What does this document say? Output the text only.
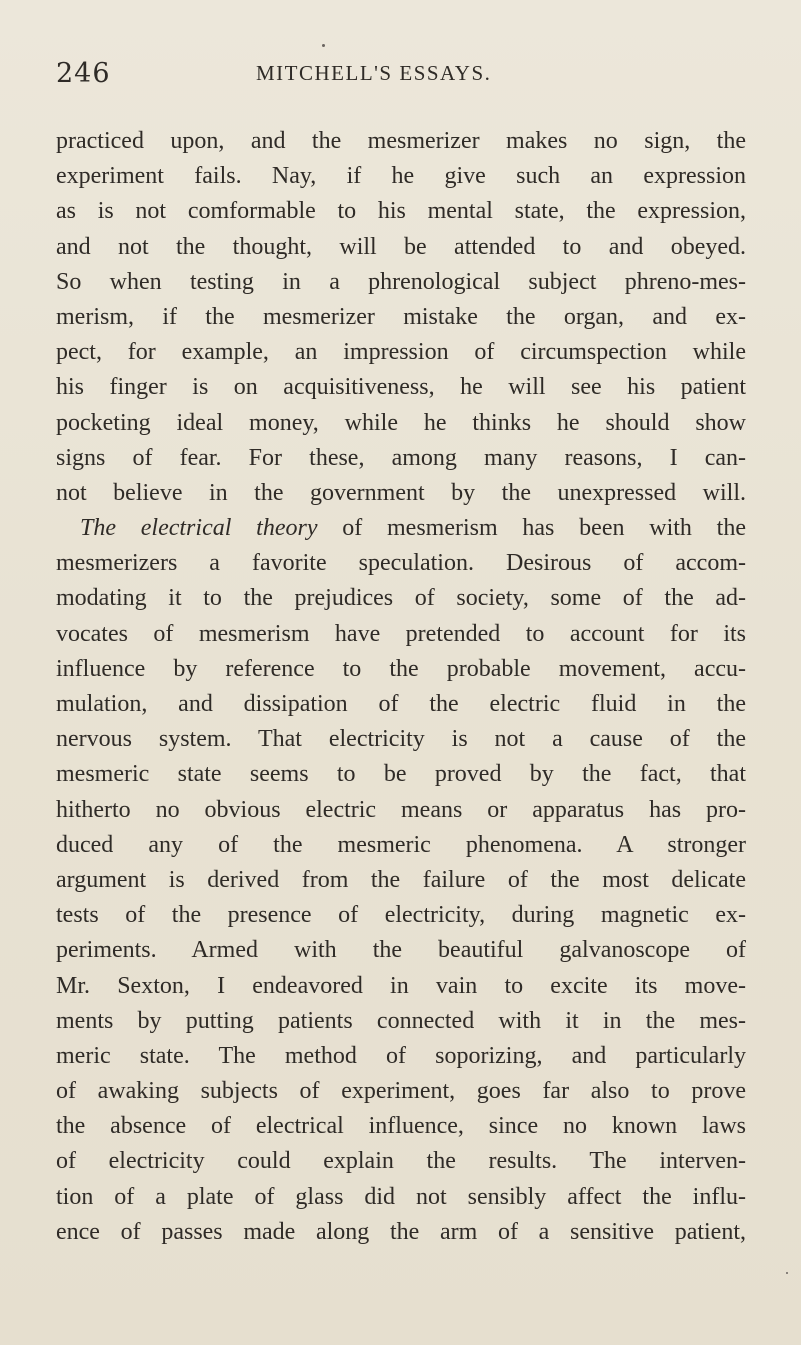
246	MITCHELL'S ESSAYS.
practiced upon, and the mesmerizer makes no sign, the
experiment fails. Nay, if he give such an expression
as is not comformable to his mental state, the expression,
and not the thought, will be attended to and obeyed.
So when testing in a phrenological subject phreno-mes-
merism, if the mesmerizer mistake the organ, and ex-
pect, for example, an impression of circumspection while
his finger is on acquisitiveness, he will see his patient
pocketing ideal money, while he thinks he should show
signs of fear. For these, among many reasons, I can-
not believe in the government by the unexpressed will.
The electrical theory of mesmerism has been with the
mesmerizers a favorite speculation. Desirous of accom-
modating it to the prejudices of society, some of the ad-
vocates of mesmerism have pretended to account for its
influence by reference to the probable movement, accu-
mulation, and dissipation of the electric fluid in the
nervous system. That electricity is not a cause of the
mesmeric state seems to be proved by the fact, that
hitherto no obvious electric means or apparatus has pro-
duced any of the mesmeric phenomena. A stronger
argument is derived from the failure of the most delicate
tests of the presence of electricity, during magnetic ex-
periments. Armed with the beautiful galvanoscope of
Mr. Sexton, I endeavored in vain to excite its move-
ments by putting patients connected with it in the mes-
meric state. The method of soporizing, and particularly
of awaking subjects of experiment, goes far also to prove
the absence of electrical influence, since no known laws
of electricity could explain the results. The interven-
tion of a plate of glass did not sensibly affect the influ-
ence of passes made along the arm of a sensitive patient,
